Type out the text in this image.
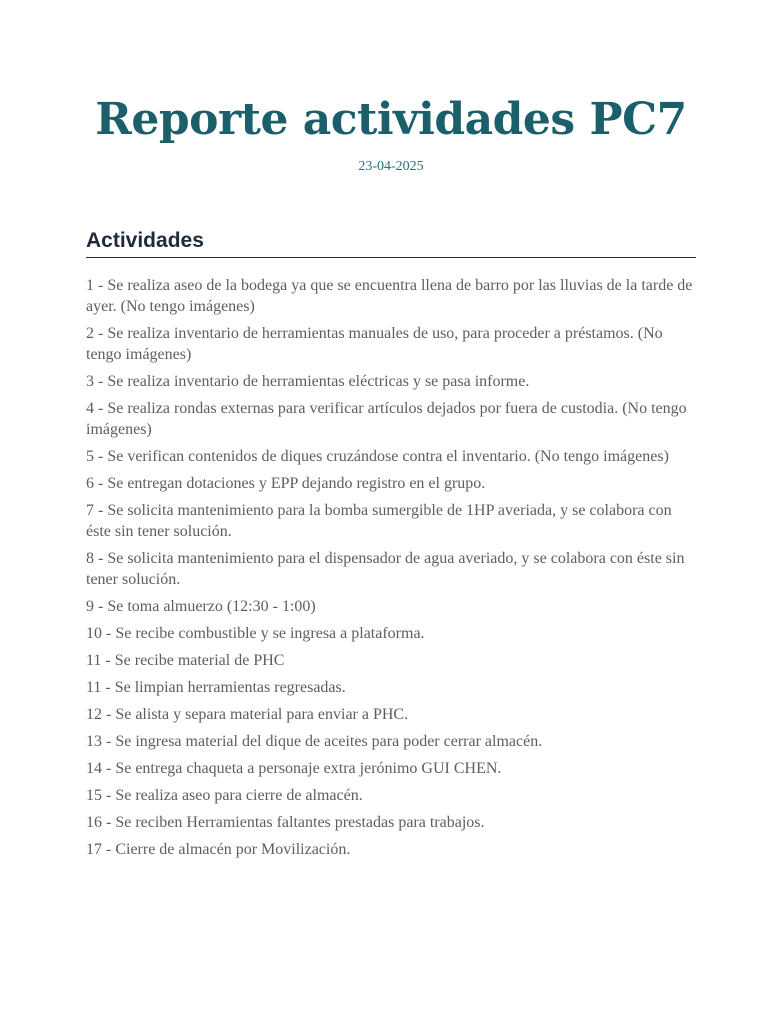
Reporte actividades PC7
23-04-2025
Actividades
1 - Se realiza aseo de la bodega ya que se encuentra llena de barro por las lluvias de la tarde de ayer. (No tengo imágenes)
2 - Se realiza inventario de herramientas manuales de uso, para proceder a préstamos. (No tengo imágenes)
3 - Se realiza inventario de herramientas eléctricas y se pasa informe.
4 - Se realiza rondas externas para verificar artículos dejados por fuera de custodia. (No tengo imágenes)
5 - Se verifican contenidos de diques cruzándose contra el inventario. (No tengo imágenes)
6 - Se entregan dotaciones y EPP dejando registro en el grupo.
7 - Se solicita mantenimiento para la bomba sumergible de 1HP averiada, y se colabora con éste sin tener solución.
8 - Se solicita mantenimiento para el dispensador de agua averiado, y se colabora con éste sin tener solución.
9 - Se toma almuerzo (12:30 - 1:00)
10 - Se recibe combustible y se ingresa a plataforma.
11 - Se recibe material de PHC
11 - Se limpian herramientas regresadas.
12 - Se alista y separa material para enviar a PHC.
13 - Se ingresa material del dique de aceites para poder cerrar almacén.
14 - Se entrega chaqueta a personaje extra jerónimo GUI CHEN.
15 - Se realiza aseo para cierre de almacén.
16 - Se reciben Herramientas faltantes prestadas para trabajos.
17 - Cierre de almacén por Movilización.
